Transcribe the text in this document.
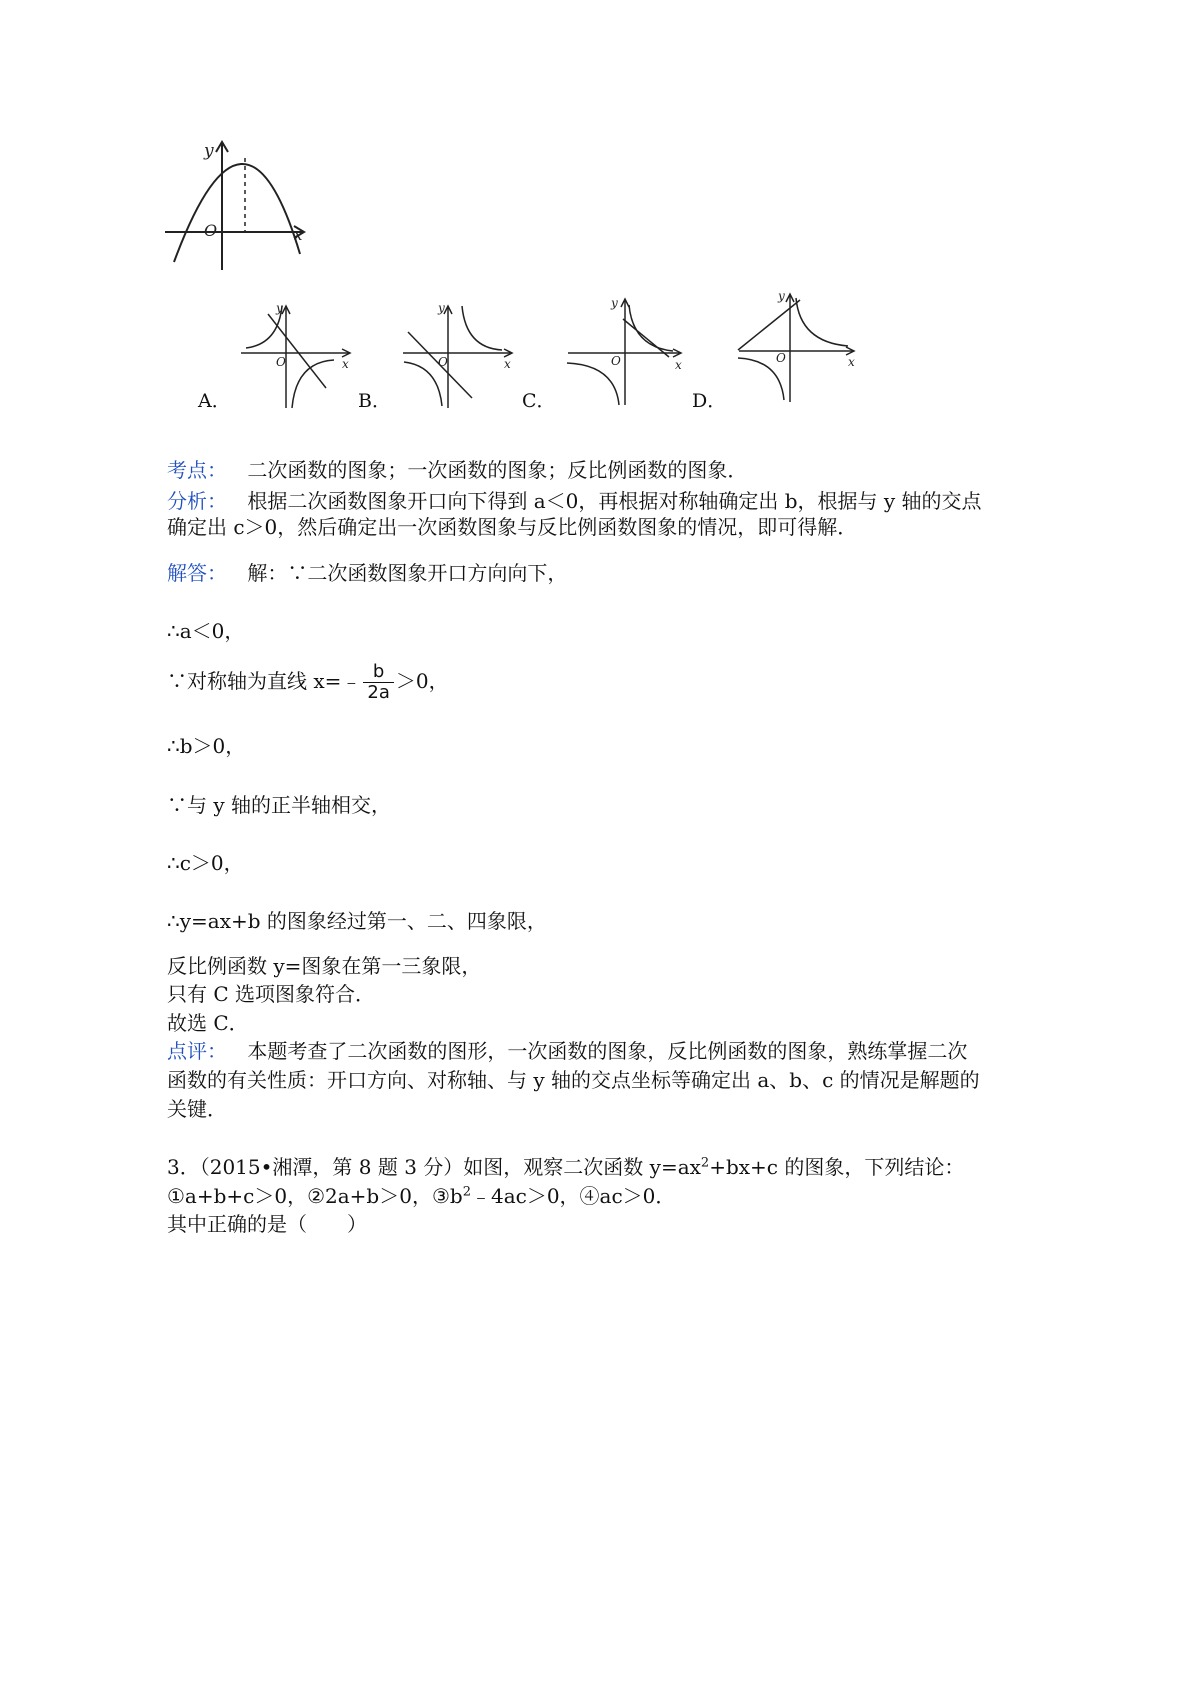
y
x
O
y
x
O
A．
y
x
O
B．
y
x
O
C．
y
x
O
D．
考点： 二次函数的图象；一次函数的图象；反比例函数的图象．
分析： 根据二次函数图象开口向下得到 a＜0，再根据对称轴确定出 b，根据与 y 轴的交点
确定出 c＞0，然后确定出一次函数图象与反比例函数图象的情况，即可得解．
解答： 解：∵二次函数图象开口方向向下，
∴a＜0，
∵对称轴为直线 x=﹣ $\frac{b}{2a} >0$，
∴b＞0，
∵与 y 轴的正半轴相交，
∴c＞0，
∴y=ax+b 的图象经过第一、二、四象限，
反比例函数 y=图象在第一三象限，
只有 C 选项图象符合．
故选 C．
点评： 本题考查了二次函数的图形，一次函数的图象，反比例函数的图象，熟练掌握二次
函数的有关性质：开口方向、对称轴、与 y 轴的交点坐标等确定出 a、b、c 的情况是解题的
关键．
3．（2015•湘潭，第 8 题 3 分）如图，观察二次函数 $y=ax^2+bx+c$ 的图象，下列结论：
①a+b+c＞0，②2a+b＞0，$③b^2﹣4ac>0$，④ac＞0．
其中正确的是（　　）
